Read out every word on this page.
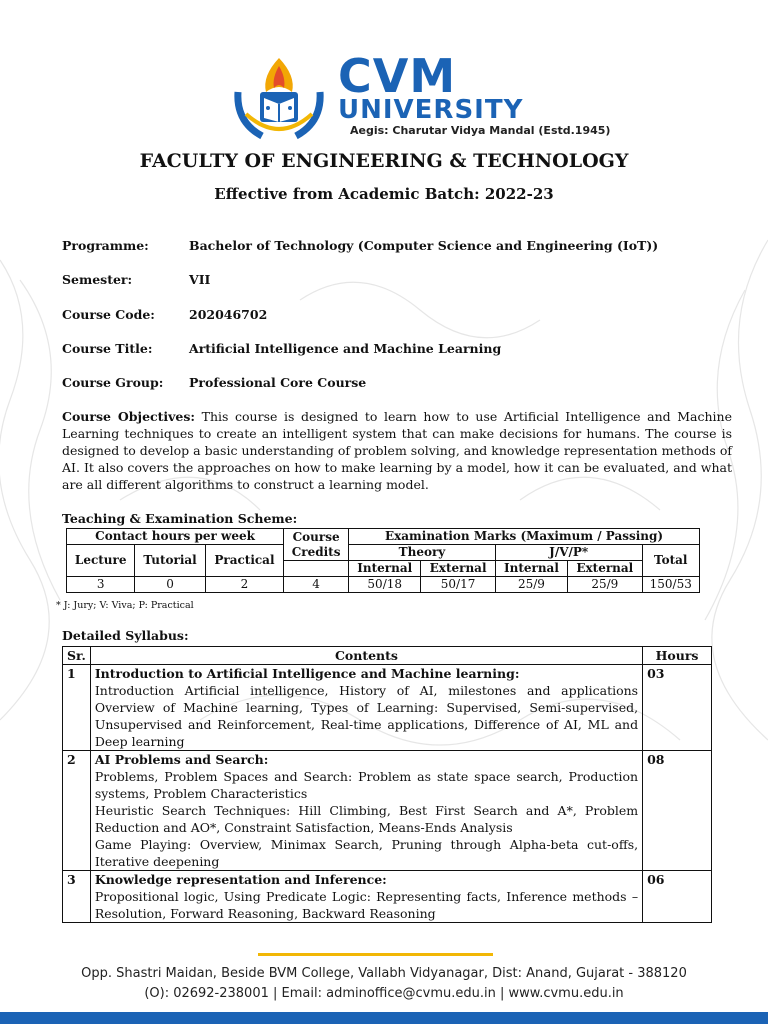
CVM
UNIVERSITY
Aegis: Charutar Vidya Mandal (Estd.1945)
FACULTY OF ENGINEERING & TECHNOLOGY
Effective from Academic Batch: 2022-23
Programme:	Bachelor of Technology (Computer Science and Engineering (IoT))
Semester:	VII
Course Code:	202046702
Course Title:	Artificial Intelligence and Machine Learning
Course Group: Professional Core Course
Course Objectives: This course is designed to learn how to use Artificial Intelligence and Machine Learning techniques to create an intelligent system that can make decisions for humans. The course is designed to develop a basic understanding of problem solving, and knowledge representation methods of AI. It also covers the approaches on how to make learning by a model, how it can be evaluated, and what are all different algorithms to construct a learning model.
Teaching & Examination Scheme:
Contact hours per week			Course Credits	Examination Marks (Maximum / Passing)				
Lecture	Tutorial	Practical		Theory		J/V/P*		Total
				Internal	External	Internal	External	
3	0	2	4	50/18	50/17	25/9	25/9	150/53
* J: Jury; V: Viva; P: Practical
Detailed Syllabus:
Sr.	Contents	Hours
1	Introduction to Artificial Intelligence and Machine learning:
Introduction Artificial intelligence, History of AI, milestones and applications Overview of Machine learning, Types of Learning: Supervised, Semi-supervised, Unsupervised and Reinforcement, Real-time applications, Difference of AI, ML and Deep learning	03
2	AI Problems and Search:
Problems, Problem Spaces and Search: Problem as state space search, Production systems, Problem Characteristics
Heuristic Search Techniques: Hill Climbing, Best First Search and A*, Problem Reduction and AO*, Constraint Satisfaction, Means-Ends Analysis
Game Playing: Overview, Minimax Search, Pruning through Alpha-beta cut-offs, Iterative deepening	08
3	Knowledge representation and Inference:
Propositional logic, Using Predicate Logic: Representing facts, Inference methods – Resolution, Forward Reasoning, Backward Reasoning	06
Opp. Shastri Maidan, Beside BVM College, Vallabh Vidyanagar, Dist: Anand, Gujarat - 388120
(O): 02692-238001 | Email: adminoffice@cvmu.edu.in | www.cvmu.edu.in
